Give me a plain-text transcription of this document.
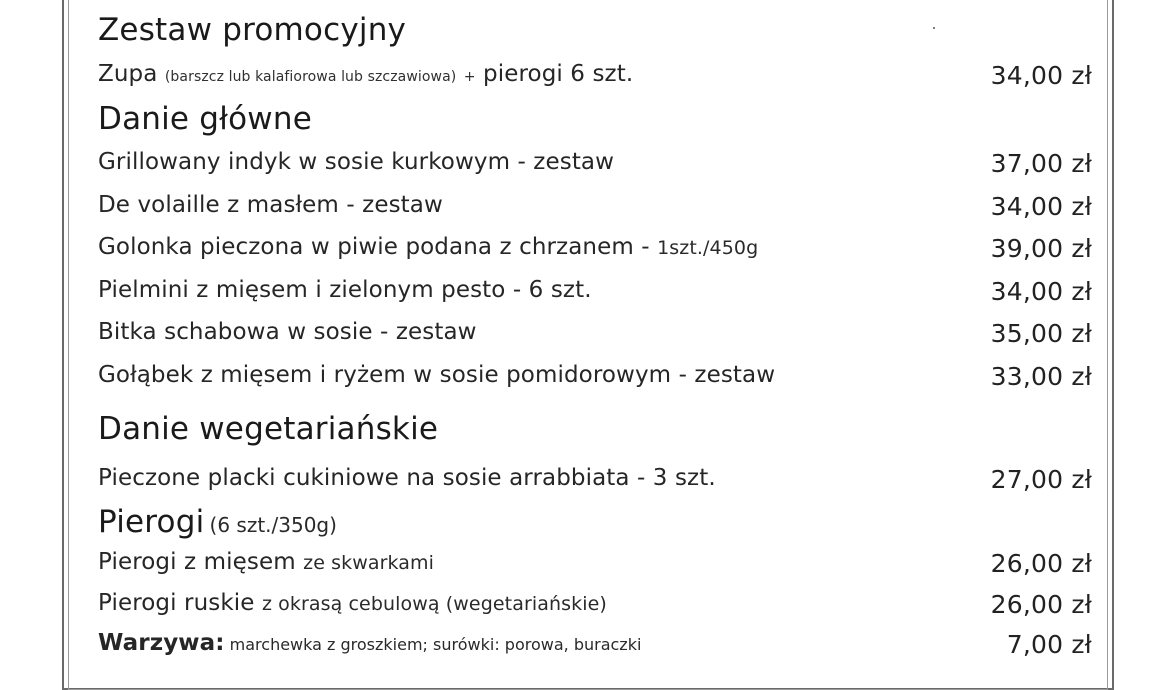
Zestaw promocyjny
Zupa (barszcz lub kalafiorowa lub szczawiowa) + pierogi 6 szt.	34,00 zł
Danie główne
Grillowany indyk w sosie kurkowym - zestaw	37,00 zł
De volaille z masłem - zestaw	34,00 zł
Golonka pieczona w piwie podana z chrzanem - 1szt./450g	39,00 zł
Pielmini z mięsem i zielonym pesto - 6 szt.	34,00 zł
Bitka schabowa w sosie - zestaw	35,00 zł
Gołąbek z mięsem i ryżem w sosie pomidorowym - zestaw	33,00 zł
Danie wegetariańskie
Pieczone placki cukiniowe na sosie arrabbiata - 3 szt.	27,00 zł
Pierogi (6 szt./350g)
Pierogi z mięsem ze skwarkami	26,00 zł
Pierogi ruskie z okrasą cebulową (wegetariańskie)	26,00 zł
Warzywa: marchewka z groszkiem; surówki: porowa, buraczki	7,00 zł
